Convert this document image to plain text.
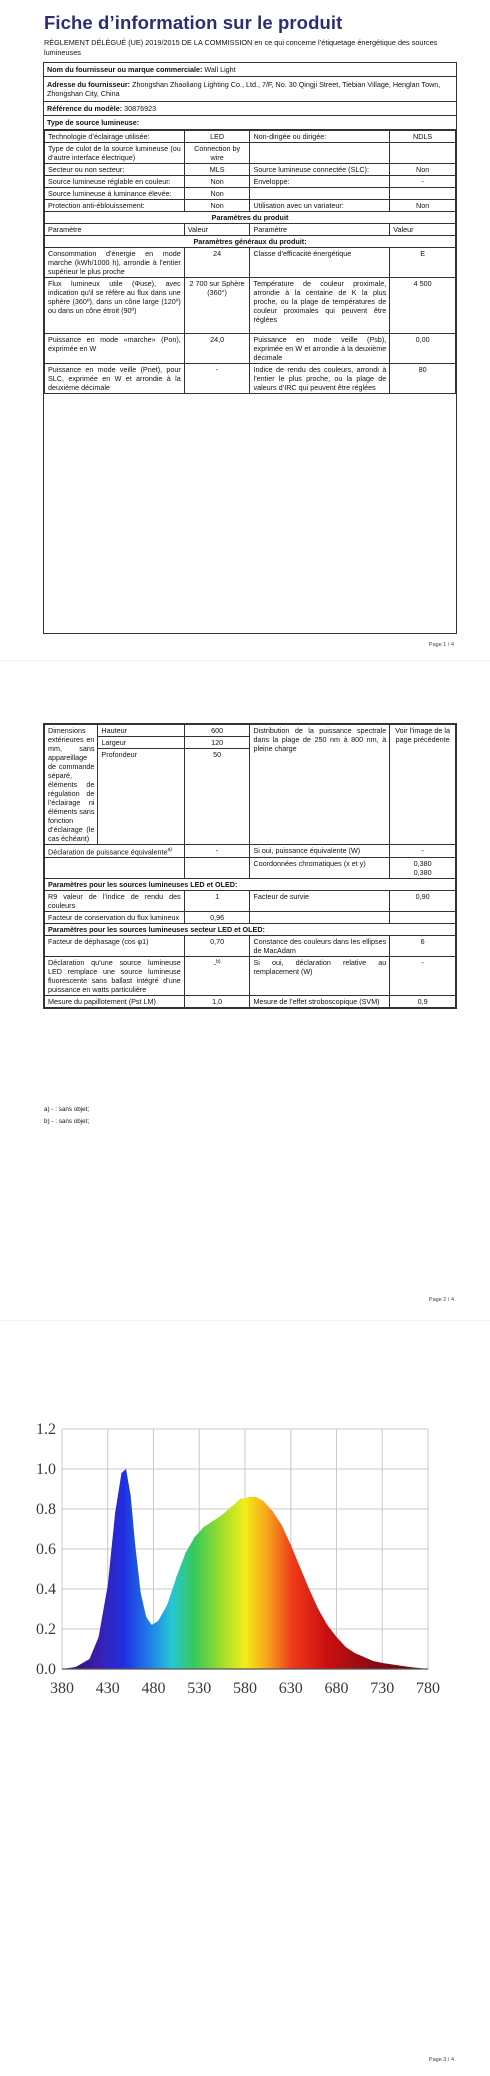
Fiche d’information sur le produit
RÈGLEMENT DÉLÉGUÉ (UE) 2019/2015 DE LA COMMISSION en ce qui concerne l’étiquetage énergétique des sources lumineuses
Nom du fournisseur ou marque commerciale: Wall Light
Adresse du fournisseur: Zhongshan Zhaoliang Lighting Co., Ltd., 7/F, No. 30 Qingji Street, Tiebian Village, Henglan Town, Zhongshan City, China
Référence du modèle: 30876923
Type de source lumineuse:
Technologie d’éclairage utilisée:	LED	Non-dirigée ou dirigée:	NDLS
Type de culot de la source lumineuse (ou d’autre interface électrique)	Connection by wire		
Secteur ou non secteur:	MLS	Source lumineuse connectée (SLC):	Non
Source lumineuse réglable en couleur:	Non	Enveloppe:	-
Source lumineuse à luminance élevée:	Non		
Protection anti-éblouissement:	Non	Utilisation avec un variateur:	Non
Paramètres du produit			
Paramètre	Valeur	Paramètre	Valeur
Paramètres généraux du produit:			
Consommation d’énergie en mode marche (kWh/1000 h), arrondie à l’entier supérieur le plus proche	24	Classe d’efficacité énergétique	E
Flux lumineux utile (Φuse), avec indication qu’il se réfère au flux dans une sphère (360º), dans un cône large (120º) ou dans un cône étroit (90º)	2 700 sur Sphère (360°)	Température de couleur proximale, arrondie à la centaine de K la plus proche, ou la plage de températures de couleur proximales qui peuvent être réglées	4 500
Puissance en mode «marche» (Pon), exprimée en W	24,0	Puissance en mode veille (Psb), exprimée en W et arrondie à la deuxième décimale	0,00
Puissance en mode veille (Pnet), pour SLC, exprimée en W et arrondie à la deuxième décimale	-	Indice de rendu des couleurs, arrondi à l’entier le plus proche, ou la plage de valeurs d’IRC qui peuvent être réglées	80
Page 1 / 4
Dimensions extérieures en mm, sans appareillage de commande séparé, éléments de régulation de l’éclairage ni éléments sans fonction d’éclairage (le cas échéant)	Hauteur	600	Distribution de la puissance spectrale dans la plage de 250 nm à 800 nm, à pleine charge	Voir l’image de la page précédente
	Largeur	120		
	Profondeur	50		
Déclaration de puissance équivalente$^{a)}$		-	Si oui, puissance équivalente (W)	-
			Coordonnées chromatiques (x et y)	0,380
0,380

Paramètres pour les sources lumineuses LED et OLED:				
R9 valeur de l’indice de rendu des couleurs		1	Facteur de survie	0,90
Facteur de conservation du flux lumineux		0,96		
Paramètres pour les sources lumineuses secteur LED et OLED:				
Facteur de déphasage (cos φ1)		0,70	Constance des couleurs dans les ellipses de MacAdam	6
Déclaration qu’une source lumineuse LED remplace une source lumineuse fluorescente sans ballast intégré d’une puissance en watts particulière		-$^{b)}$	Si oui, déclaration relative au remplacement (W)	-
Mesure du papillotement (Pst LM)		1,0	Mesure de l’effet stroboscopique (SVM)	0,9
a) - : sans objet;
b) - : sans objet;
Page 2 / 4
0.0
0.2
0.4
0.6
0.8
1.0
1.2
380 430 480 530 580 630 680 730 780
Page 3 / 4
